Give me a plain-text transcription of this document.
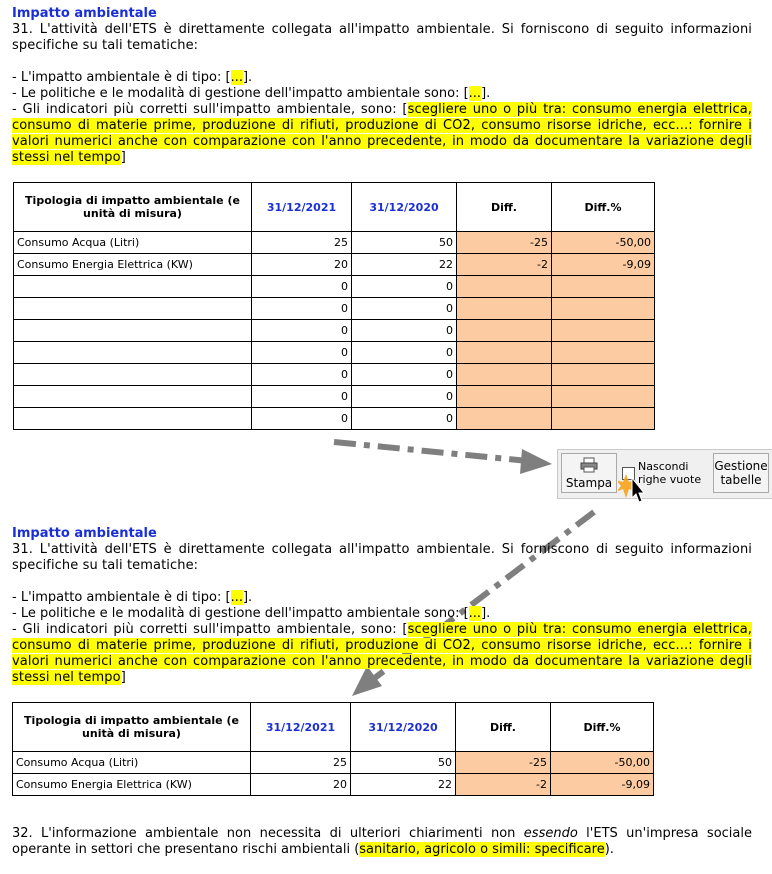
Impatto ambientale
31. L'attività dell'ETS è direttamente collegata all'impatto ambientale. Si forniscono di seguito informazioni specifiche su tali tematiche:
- L'impatto ambientale è di tipo: [...].
- Le politiche e le modalità di gestione dell'impatto ambientale sono: [...].
- Gli indicatori più corretti sull'impatto ambientale, sono: [scegliere uno o più tra: consumo energia elettrica, consumo di materie prime, produzione di rifiuti, produzione di CO2, consumo risorse idriche, ecc...: fornire i valori numerici anche con comparazione con l'anno precedente, in modo da documentare la variazione degli stessi nel tempo]
Tipologia di impatto ambientale (e unità di misura)	31/12/2021	31/12/2020	Diff.	Diff.%
Consumo Acqua (Litri)	25	50	-25	-50,00
Consumo Energia Elettrica (KW)	20	22	-2	-9,09
	0	0		
	0	0		
	0	0		
	0	0		
	0	0		
	0	0		
	0	0		
Stampa
Nascondi righe vuote
Gestione tabelle
Impatto ambientale
31. L'attività dell'ETS è direttamente collegata all'impatto ambientale. Si forniscono di seguito informazioni specifiche su tali tematiche:
- L'impatto ambientale è di tipo: [...].
- Le politiche e le modalità di gestione dell'impatto ambientale sono: [...].
- Gli indicatori più corretti sull'impatto ambientale, sono: [scegliere uno o più tra: consumo energia elettrica, consumo di materie prime, produzione di rifiuti, produzione di CO2, consumo risorse idriche, ecc...: fornire i valori numerici anche con comparazione con l'anno precedente, in modo da documentare la variazione degli stessi nel tempo]
Tipologia di impatto ambientale (e unità di misura)	31/12/2021	31/12/2020	Diff.	Diff.%
Consumo Acqua (Litri)	25	50	-25	-50,00
Consumo Energia Elettrica (KW)	20	22	-2	-9,09
32. L'informazione ambientale non necessita di ulteriori chiarimenti non essendo l'ETS un'impresa sociale operante in settori che presentano rischi ambientali (sanitario, agricolo o simili: specificare).
